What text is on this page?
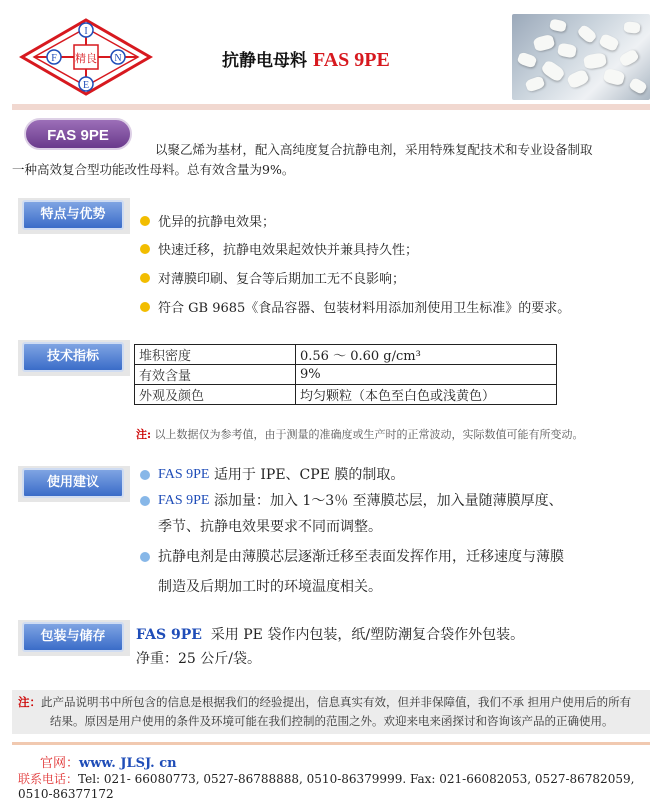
I
F	N
E
精良	抗静电母料 FAS 9PE
FAS 9PE
以聚乙烯为基材，配入高纯度复合抗静电剂，采用特殊复配技术和专业设备制取
一种高效复合型功能改性母料。总有效含量为9%。
特点与优势
优异的抗静电效果；
快速迁移，抗静电效果起效快并兼具持久性；
对薄膜印刷、复合等后期加工无不良影响；
符合 GB 9685《食品容器、包装材料用添加剂使用卫生标准》的要求。
技术指标	堆积密度	0.56 ～ 0.60 g/cm³
有效含量	9%
外观及颜色	均匀颗粒（本色至白色或浅黄色）
注: 以上数据仅为参考值，由于测量的准确度或生产时的正常波动，实际数值可能有所变动。
使用建议
FAS 9PE
适用于 IPE、CPE 膜的制取。
FAS 9PE
添加量：加入 1～3％ 至薄膜芯层，加入量随薄膜厚度、
季节、抗静电效果要求不同而调整。
抗静电剂是由薄膜芯层逐渐迁移至表面发挥作用，迁移速度与薄膜
制造及后期加工时的环境温度相关。
包装与储存	FAS 9PE 采用 PE 袋作内包装，纸/塑防潮复合袋作外包装。
净重：25 公斤/袋。
注：此产品说明书中所包含的信息是根据我们的经验提出，信息真实有效，但并非保障值，我们不承 担用户使用后的所有
结果。原因是用户使用的条件及环境可能在我们控制的范围之外。欢迎来电来函探讨和咨询该产品的正确使用。
官网：www. JLSJ. cn
联系电话：Tel: 021- 66080773, 0527-86788888, 0510-86379999. Fax: 021-66082053, 0527-86782059, 0510-86377172
